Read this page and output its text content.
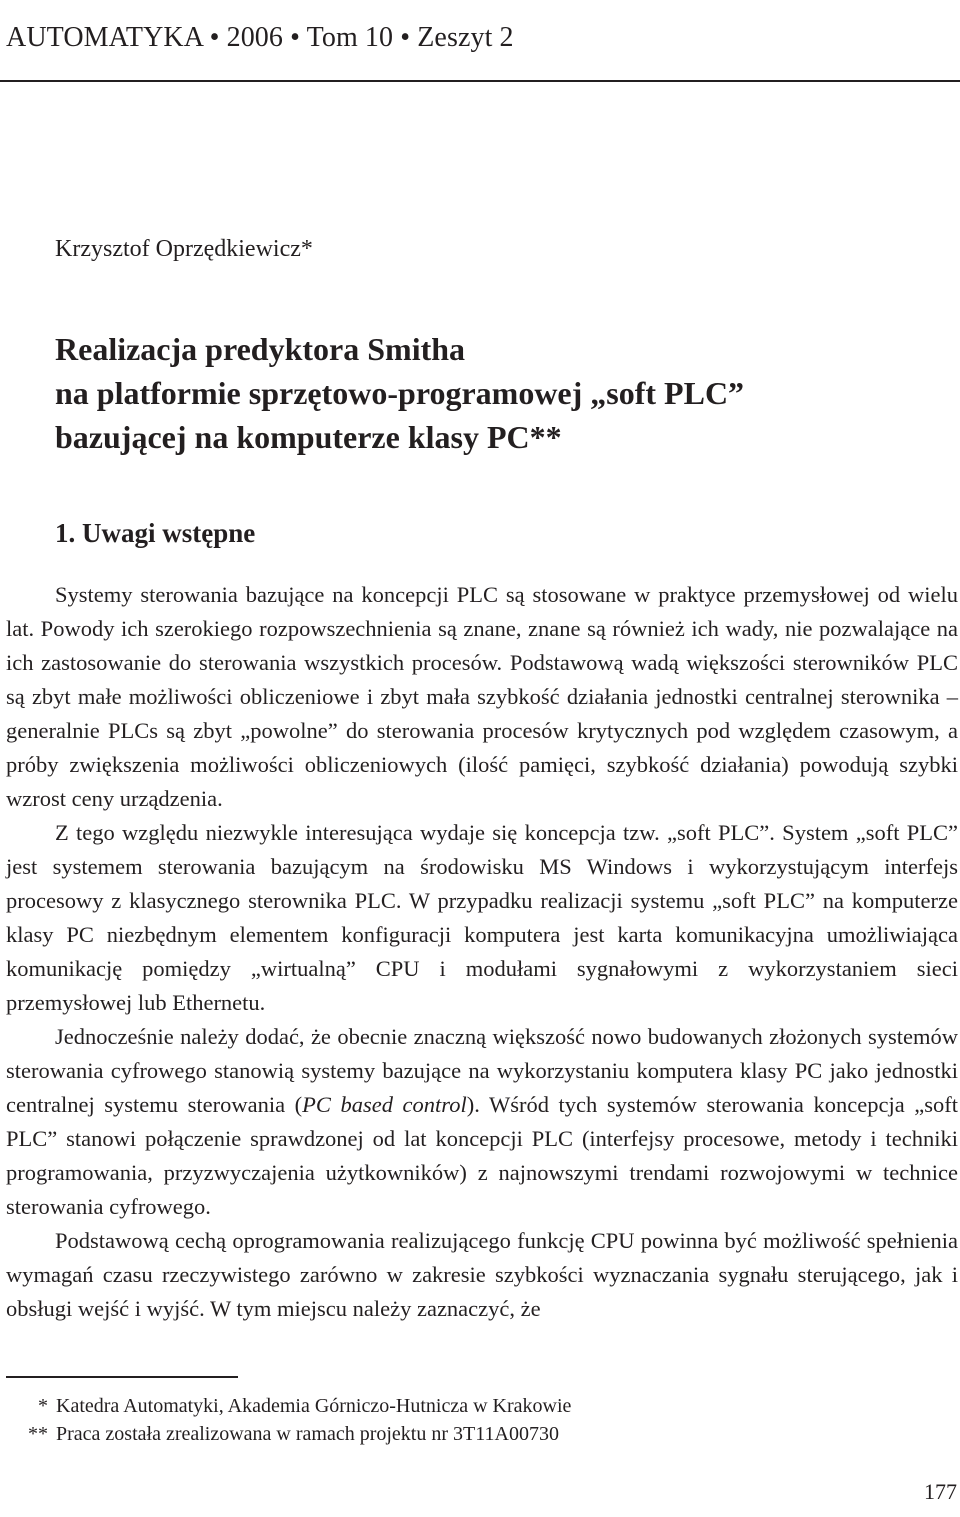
AUTOMATYKA • 2006 • Tom 10 • Zeszyt 2
Krzysztof Oprzędkiewicz*
Realizacja predyktora Smitha
na platformie sprzętowo-programowej „soft PLC”
bazującej na komputerze klasy PC**
1. Uwagi wstępne

Systemy sterowania bazujące na koncepcji PLC są stosowane w praktyce przemysłowej od wielu lat. Powody ich szerokiego rozpowszechnienia są znane, znane są również ich wady, nie pozwalające na ich zastosowanie do sterowania wszystkich procesów. Podstawową wadą większości sterowników PLC są zbyt małe możliwości obliczeniowe i zbyt mała szybkość działania jednostki centralnej sterownika – generalnie PLCs są zbyt „powolne” do sterowania procesów krytycznych pod względem czasowym, a próby zwiększenia możliwości obliczeniowych (ilość pamięci, szybkość działania) powodują szybki wzrost ceny urządzenia.

Z tego względu niezwykle interesująca wydaje się koncepcja tzw. „soft PLC”. System „soft PLC” jest systemem sterowania bazującym na środowisku MS Windows i wykorzystującym interfejs procesowy z klasycznego sterownika PLC. W przypadku realizacji systemu „soft PLC” na komputerze klasy PC niezbędnym elementem konfiguracji komputera jest karta komunikacyjna umożliwiająca komunikację pomiędzy „wirtualną” CPU i modułami sygnałowymi z wykorzystaniem sieci przemysłowej lub Ethernetu.

Jednocześnie należy dodać, że obecnie znaczną większość nowo budowanych złożonych systemów sterowania cyfrowego stanowią systemy bazujące na wykorzystaniu komputera klasy PC jako jednostki centralnej systemu sterowania (PC based control). Wśród tych systemów sterowania koncepcja „soft PLC” stanowi połączenie sprawdzonej od lat koncepcji PLC (interfejsy procesowe, metody i techniki programowania, przyzwyczajenia użytkowników) z najnowszymi trendami rozwojowymi w technice sterowania cyfrowego.

Podstawową cechą oprogramowania realizującego funkcję CPU powinna być możliwość spełnienia wymagań czasu rzeczywistego zarówno w zakresie szybkości wyznaczania sygnału sterującego, jak i obsługi wejść i wyjść. W tym miejscu należy zaznaczyć, że

* Katedra Automatyki, Akademia Górniczo-Hutnicza w Krakowie
** Praca została zrealizowana w ramach projektu nr 3T11A00730
177
